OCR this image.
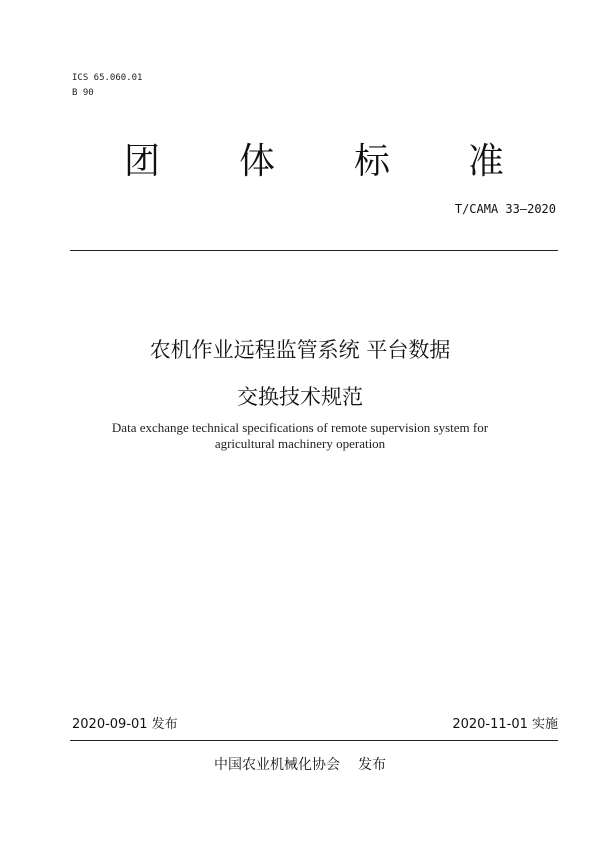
ICS 65.060.01
B 90
团 体 标 准
T/CAMA 33—2020
农机作业远程监管系统 平台数据
交换技术规范
Data exchange technical specifications of remote supervision system for
agricultural machinery operation
2020-09-01 发布	2020-11-01 实施
中国农业机械化协会 发布
